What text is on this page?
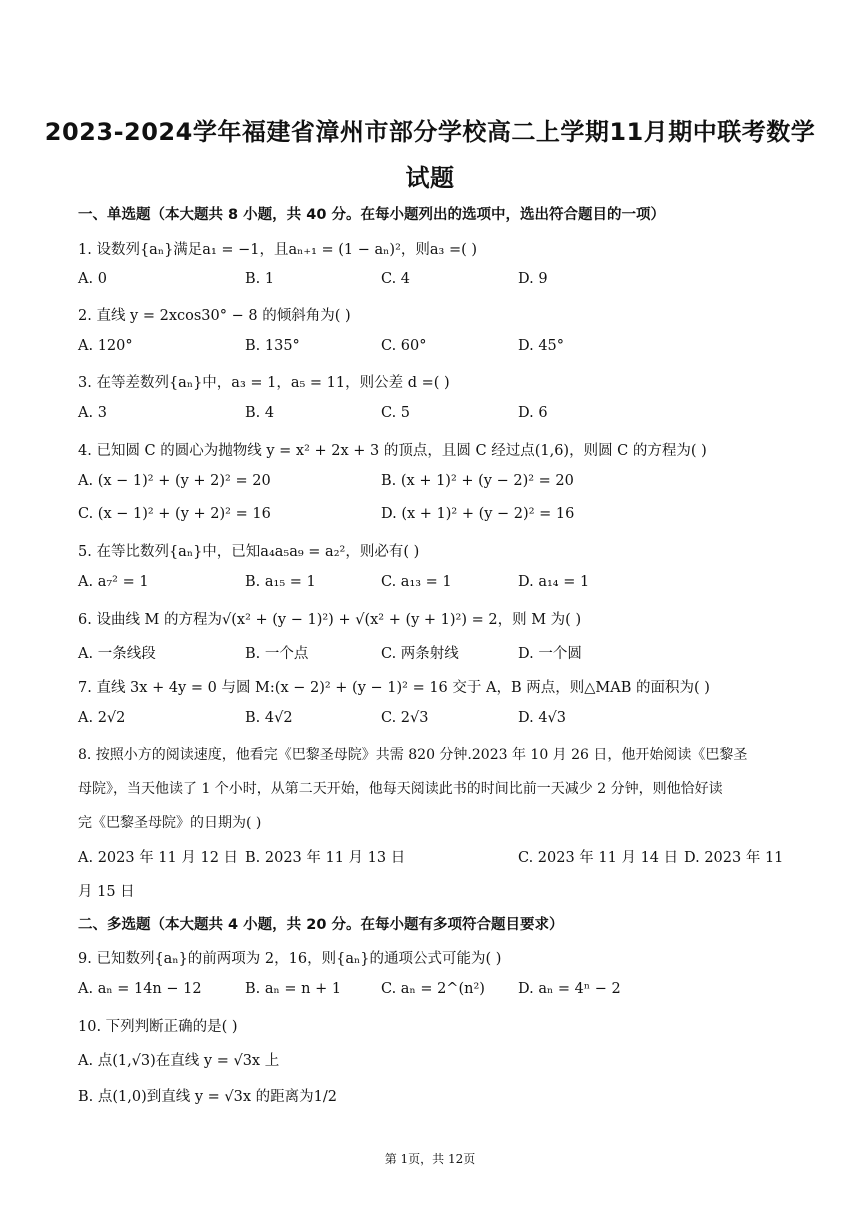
2023-2024学年福建省漳州市部分学校高二上学期11月期中联考数学
试题
一、单选题（本大题共 8 小题，共 40 分。在每小题列出的选项中，选出符合题目的一项）
1. 设数列{aₙ}满足a₁ = −1，且aₙ₊₁ = (1 − aₙ)²，则a₃ =( )
A. 0	B. 1	C. 4	D. 9
2. 直线 y = 2xcos30° − 8 的倾斜角为( )
A. 120°	B. 135°	C. 60°	D. 45°
3. 在等差数列{aₙ}中，a₃ = 1，a₅ = 11，则公差 d =( )
A. 3	B. 4	C. 5	D. 6
4. 已知圆 C 的圆心为抛物线 y = x² + 2x + 3 的顶点，且圆 C 经过点(1,6)，则圆 C 的方程为( )
A. (x − 1)² + (y + 2)² = 20	B. (x + 1)² + (y − 2)² = 20
C. (x − 1)² + (y + 2)² = 16	D. (x + 1)² + (y − 2)² = 16
5. 在等比数列{aₙ}中，已知a₄a₅a₉ = a₂²，则必有( )
A. a₇² = 1	B. a₁₅ = 1	C. a₁₃ = 1	D. a₁₄ = 1
6. 设曲线 M 的方程为√(x² + (y − 1)²) + √(x² + (y + 1)²) = 2，则 M 为( )
A. 一条线段	B. 一个点	C. 两条射线	D. 一个圆
7. 直线 3x + 4y = 0 与圆 M:(x − 2)² + (y − 1)² = 16 交于 A，B 两点，则△MAB 的面积为( )
A. 2√2	B. 4√2	C. 2√3	D. 4√3
8. 按照小方的阅读速度，他看完《巴黎圣母院》共需 820 分钟.2023 年 10 月 26 日，他开始阅读《巴黎圣
母院》，当天他读了 1 个小时，从第二天开始，他每天阅读此书的时间比前一天减少 2 分钟，则他恰好读
完《巴黎圣母院》的日期为( )
A. 2023 年 11 月 12 日 B. 2023 年 11 月 13 日	C. 2023 年 11 月 14 日 D. 2023 年 11
月 15 日
二、多选题（本大题共 4 小题，共 20 分。在每小题有多项符合题目要求）
9. 已知数列{aₙ}的前两项为 2，16，则{aₙ}的通项公式可能为( )
A. aₙ = 14n − 12	B. aₙ = n + 1	C. aₙ = 2^(n²) D. aₙ = 4ⁿ − 2
10. 下列判断正确的是( )
A. 点(1,√3)在直线 y = √3x 上
B. 点(1,0)到直线 y = √3x 的距离为1/2
第 1页，共 12页
